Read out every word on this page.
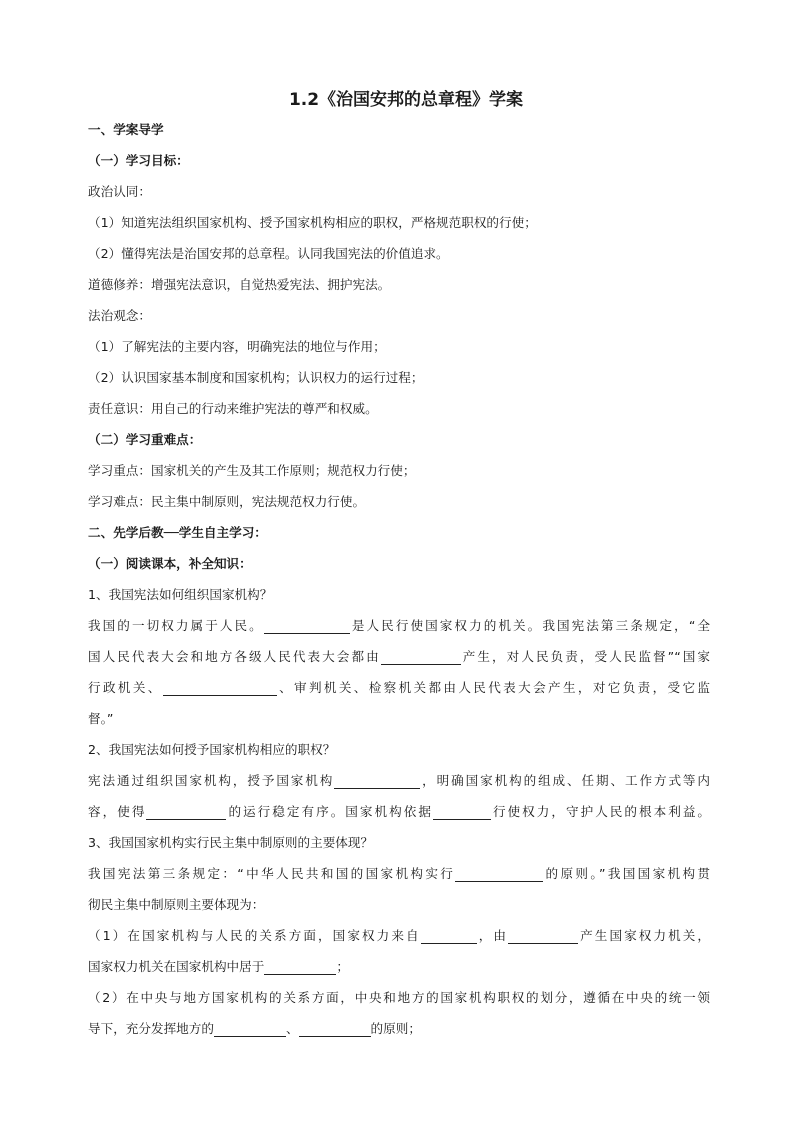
1.2《治国安邦的总章程》学案
一、学案导学
（一）学习目标：
政治认同：
（1）知道宪法组织国家机构、授予国家机构相应的职权，严格规范职权的行使；
（2）懂得宪法是治国安邦的总章程。认同我国宪法的价值追求。
道德修养：增强宪法意识，自觉热爱宪法、拥护宪法。
法治观念：
（1）了解宪法的主要内容，明确宪法的地位与作用；
（2）认识国家基本制度和国家机构；认识权力的运行过程；
责任意识：用自己的行动来维护宪法的尊严和权威。
（二）学习重难点：
学习重点：国家机关的产生及其工作原则；规范权力行使；
学习难点：民主集中制原则，宪法规范权力行使。
二、先学后教──学生自主学习：
（一）阅读课本，补全知识：
1、我国宪法如何组织国家机构？
我国的一切权力属于人民。	是人民行使国家权力的机关。我国宪法第三条规定，“全
国人民代表大会和地方各级人民代表大会都由	产生，对人民负责，受人民监督”“国家
行政机关、	、审判机关、检察机关都由人民代表大会产生，对它负责，受它监
督。”
2、我国宪法如何授予国家机构相应的职权？
宪法通过组织国家机构，授予国家机构	，明确国家机构的组成、任期、工作方式等内
容，使得	的运行稳定有序。国家机构依据	行使权力，守护人民的根本利益。
3、我国国家机构实行民主集中制原则的主要体现？
我国宪法第三条规定：“中华人民共和国的国家机构实行	的原则。”我国国家机构贯
彻民主集中制原则主要体现为：
（1）在国家机构与人民的关系方面，国家权力来自	，由	产生国家权力机关，
国家权力机关在国家机构中居于	；
（2）在中央与地方国家机构的关系方面，中央和地方的国家机构职权的划分，遵循在中央的统一领
导下，充分发挥地方的	、	的原则；
